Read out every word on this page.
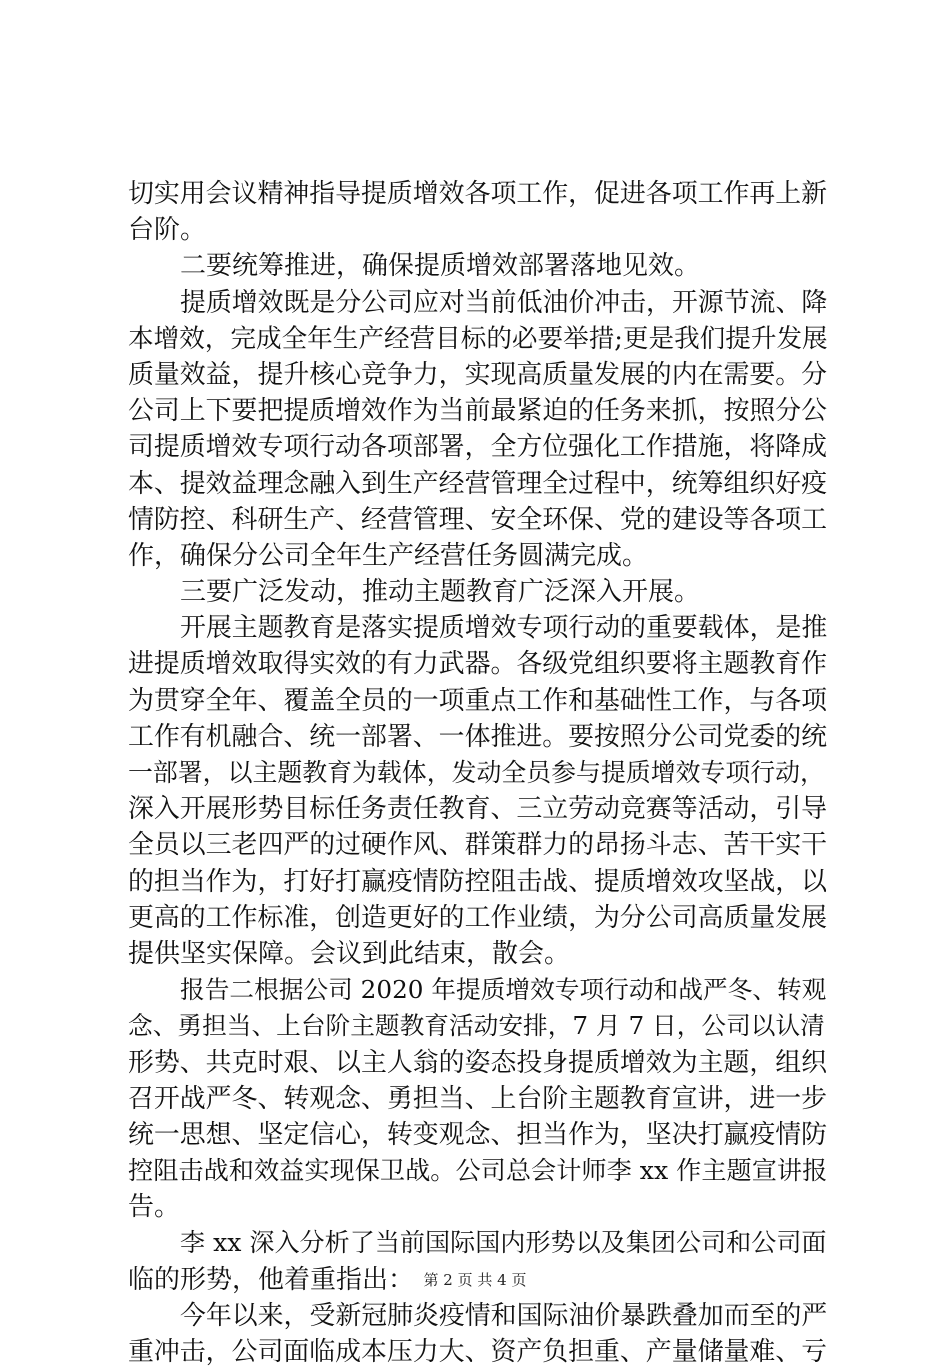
切实用会议精神指导提质增效各项工作，促进各项工作再上新
台阶。
二要统筹推进，确保提质增效部署落地见效。
提质增效既是分公司应对当前低油价冲击，开源节流、降
本增效，完成全年生产经营目标的必要举措;更是我们提升发展
质量效益，提升核心竞争力，实现高质量发展的内在需要。分
公司上下要把提质增效作为当前最紧迫的任务来抓，按照分公
司提质增效专项行动各项部署，全方位强化工作措施，将降成
本、提效益理念融入到生产经营管理全过程中，统筹组织好疫
情防控、科研生产、经营管理、安全环保、党的建设等各项工
作，确保分公司全年生产经营任务圆满完成。
三要广泛发动，推动主题教育广泛深入开展。
开展主题教育是落实提质增效专项行动的重要载体，是推
进提质增效取得实效的有力武器。各级党组织要将主题教育作
为贯穿全年、覆盖全员的一项重点工作和基础性工作，与各项
工作有机融合、统一部署、一体推进。要按照分公司党委的统
一部署，以主题教育为载体，发动全员参与提质增效专项行动，
深入开展形势目标任务责任教育、三立劳动竞赛等活动，引导
全员以三老四严的过硬作风、群策群力的昂扬斗志、苦干实干
的担当作为，打好打赢疫情防控阻击战、提质增效攻坚战，以
更高的工作标准，创造更好的工作业绩，为分公司高质量发展
提供坚实保障。会议到此结束，散会。
报告二根据公司 2020 年提质增效专项行动和战严冬、转观
念、勇担当、上台阶主题教育活动安排，7 月 7 日，公司以认清
形势、共克时艰、以主人翁的姿态投身提质增效为主题，组织
召开战严冬、转观念、勇担当、上台阶主题教育宣讲，进一步
统一思想、坚定信心，转变观念、担当作为，坚决打赢疫情防
控阻击战和效益实现保卫战。公司总会计师李 xx 作主题宣讲报
告。
李 xx 深入分析了当前国际国内形势以及集团公司和公司面
临的形势，他着重指出：
今年以来，受新冠肺炎疫情和国际油价暴跌叠加而至的严
重冲击，公司面临成本压力大、资产负担重、产量储量难、亏
第 2 页 共 4 页
